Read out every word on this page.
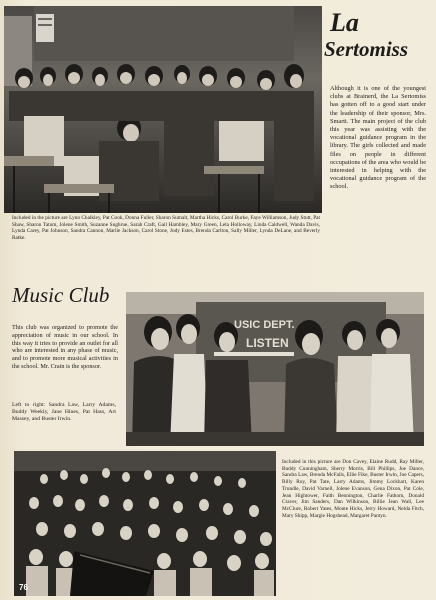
La
Sertomiss
Although it is one of the youngest clubs at Brainerd, the La Sertomiss has gotten off to a good start under the leadership of their sponsor, Mrs. Smartt. The main project of the club this year was assisting with the vocational guidance program in the library. The girls collected and made files on people in different occupations of the area who would be interested in helping with the vocational guidance program of the school.
Included in the picture are Lynn Chalkley, Pat Cook, Donna Fuller, Sharon Sumalt, Martha Hicks, Carol Burke, Faye Williamson, Judy Stutt, Pat Shaw, Sharon Tatum, Jolene Smith, Suzanne Sughrue, Sarah Craft, Gail Hambley, Mary Green, Lela Holloway, Linda Caldwell, Wanda Davis, Lynda Carey, Pat Johnson, Sandra Cannon, Marlie Jackson, Carol Stone, Judy Estes, Brenda Carlton, Sally Miller, Lynda DeLane, and Beverly Ratke.
Music Club
This club was organized to promote the appreciation of music in our school. In this way it tries to provide an outlet for all who are interested in any phase of music, and to promote more musical activities in the school. Mr. Crain is the sponsor.
Left to right: Sandra Law, Larry Adams, Buddy Weekly, Jane Hines, Pat Hass, Art Massey, and Buster Irwin.
USIC DEPT.
LISTEN
76
Included in this picture are Don Cavey, Elaine Rudd, Ray Miller, Buddy Cunningham, Sherry Morris, Bill Phillips, Joe Dance, Sandra Law, Brenda McFalls, Ellie Fike, Buster Irwin, Joe Capers, Billy Roy, Pat Tate, Larry Adams, Jimmy Lockhart, Karen Trundle, David Varnell, Jolene Evanson, Gena Dixon, Pat Cole, Jean Hightower, Faith Bennington, Charlie Fathom, Donald Craver, Jim Sanders, Dan Wilkinson, Billie Jean Wall, Lee McClure, Robert Yates, Monte Hicks, Jerry Howard, Nelda Fitch, Mary Shipp, Margie Hogshead, Margaret Pantyn.
